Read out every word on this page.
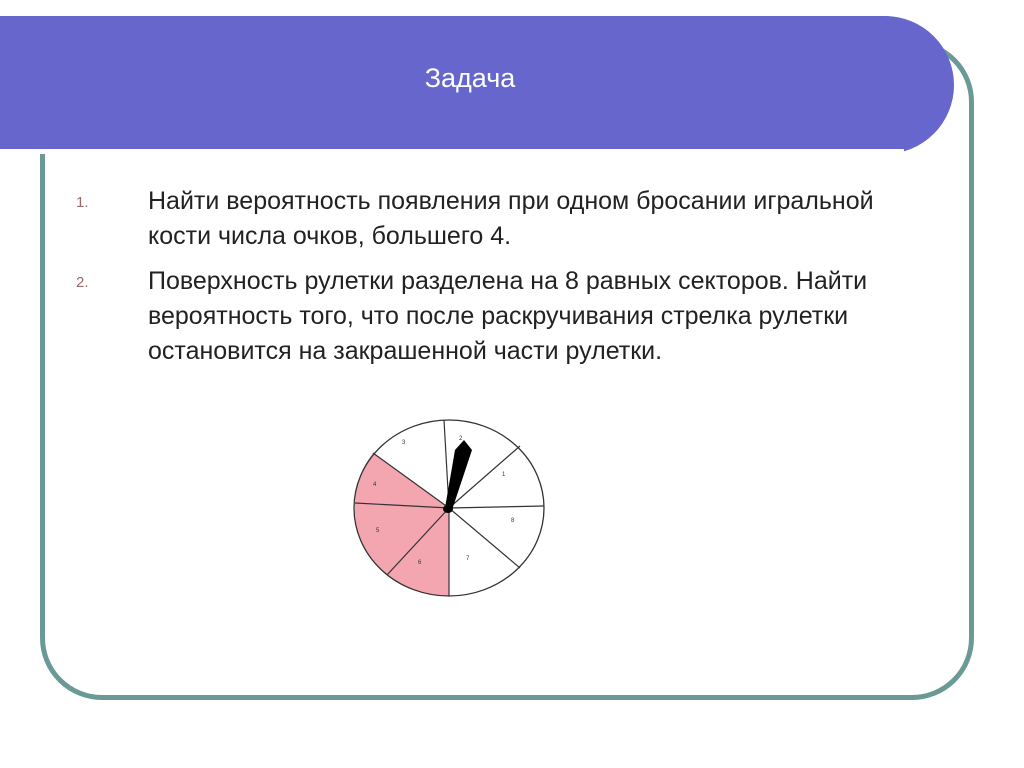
Задача
1. Найти вероятность появления при одном бросании игральной кости числа очков, большего 4.
2. Поверхность рулетки разделена на 8 равных секторов. Найти вероятность того, что после раскручивания стрелка рулетки остановится на закрашенной части рулетки.
1
2
3
4
5
6
7
8
